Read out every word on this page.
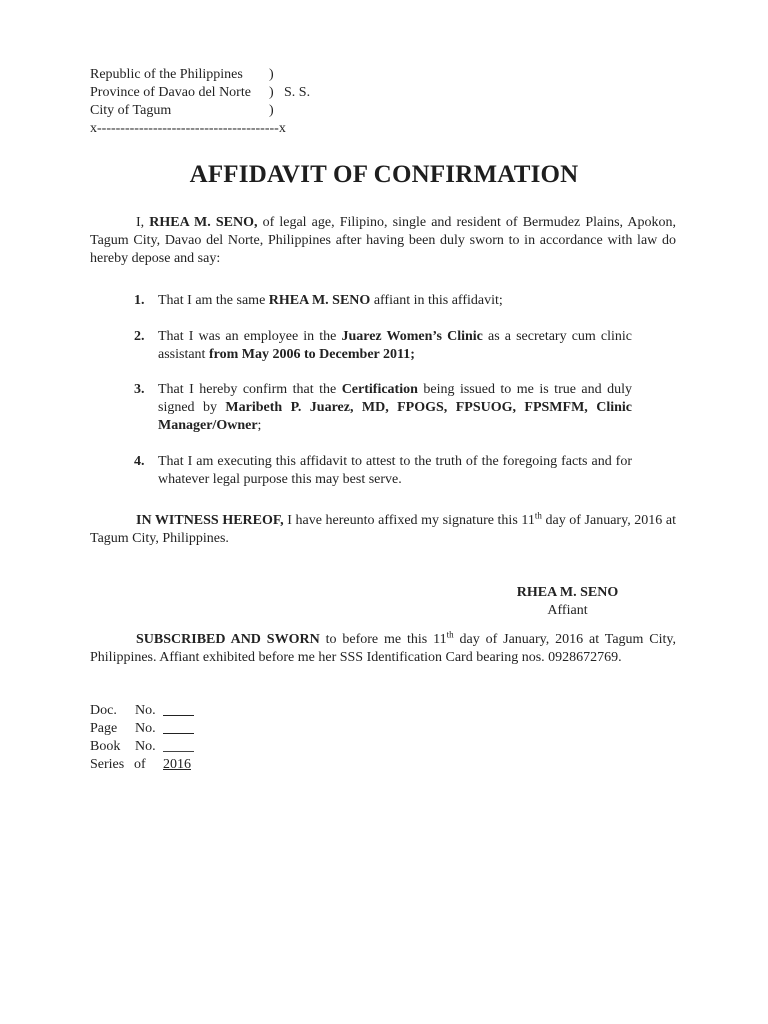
Republic of the Philippines )
Province of Davao del Norte ) S. S.
City of Tagum	)
x---------------------------------------x
AFFIDAVIT OF CONFIRMATION
I, RHEA M. SENO, of legal age, Filipino, single and resident of Bermudez Plains, Apokon, Tagum City, Davao del Norte, Philippines after having been duly sworn to in accordance with law do hereby depose and say:
1. That I am the same RHEA M. SENO affiant in this affidavit;
2. That I was an employee in the Juarez Women’s Clinic as a secretary cum clinic assistant from May 2006 to December 2011;
3. That I hereby confirm that the Certification being issued to me is true and duly signed by Maribeth P. Juarez, MD, FPOGS, FPSUOG, FPSMFM, Clinic Manager/Owner;
4. That I am executing this affidavit to attest to the truth of the foregoing facts and for whatever legal purpose this may best serve.
IN WITNESS HEREOF, I have hereunto affixed my signature this 11th day of January, 2016 at Tagum City, Philippines.
RHEA M. SENO
Affiant
SUBSCRIBED AND SWORN to before me this 11th day of January, 2016 at Tagum City, Philippines. Affiant exhibited before me her SSS Identification Card bearing nos. 0928672769.
Doc. No.
Page No.
Book No.
Series of 2016
